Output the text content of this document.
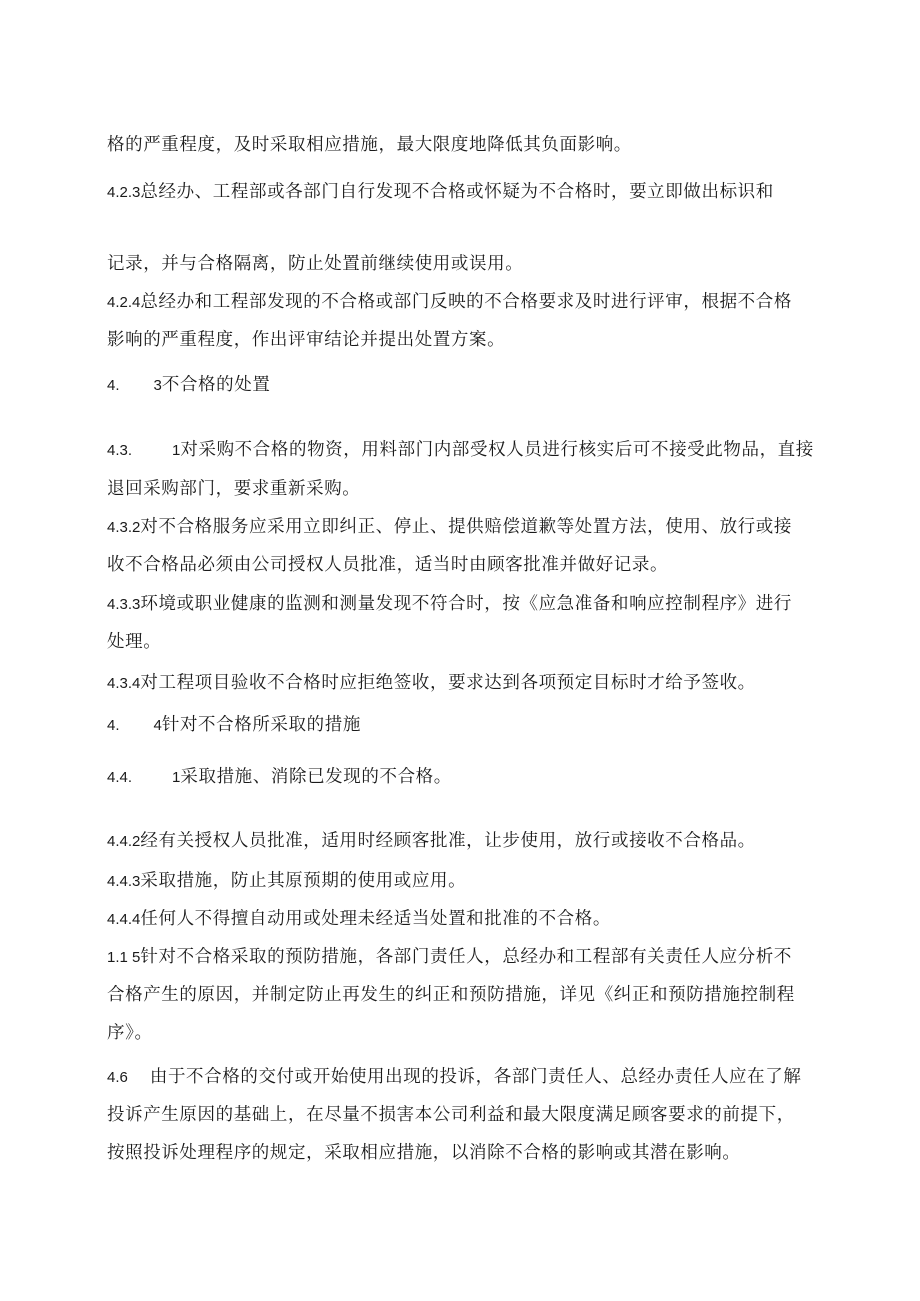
格的严重程度，及时采取相应措施，最大限度地降低其负面影响。
4.2.3总经办、工程部或各部门自行发现不合格或怀疑为不合格时，要立即做出标识和
记录，并与合格隔离，防止处置前继续使用或误用。
4.2.4总经办和工程部发现的不合格或部门反映的不合格要求及时进行评审，根据不合格
影响的严重程度，作出评审结论并提出处置方案。
4. 3不合格的处置
4.3.	1对采购不合格的物资，用料部门内部受权人员进行核实后可不接受此物品，直接
退回采购部门，要求重新采购。
4.3.2对不合格服务应采用立即纠正、停止、提供赔偿道歉等处置方法，使用、放行或接
收不合格品必须由公司授权人员批准，适当时由顾客批准并做好记录。
4.3.3环境或职业健康的监测和测量发现不符合时，按《应急准备和响应控制程序》进行
处理。
4.3.4对工程项目验收不合格时应拒绝签收，要求达到各项预定目标时才给予签收。
4. 4针对不合格所采取的措施
4.4.	1采取措施、消除已发现的不合格。
4.4.2经有关授权人员批准，适用时经顾客批准，让步使用，放行或接收不合格品。
4.4.3采取措施，防止其原预期的使用或应用。
4.4.4任何人不得擅自动用或处理未经适当处置和批准的不合格。
1.1 5针对不合格采取的预防措施，各部门责任人，总经办和工程部有关责任人应分析不
合格产生的原因，并制定防止再发生的纠正和预防措施，详见《纠正和预防措施控制程
序》。
4.6 由于不合格的交付或开始使用出现的投诉，各部门责任人、总经办责任人应在了解
投诉产生原因的基础上，在尽量不损害本公司利益和最大限度满足顾客要求的前提下，
按照投诉处理程序的规定，采取相应措施，以消除不合格的影响或其潜在影响。
